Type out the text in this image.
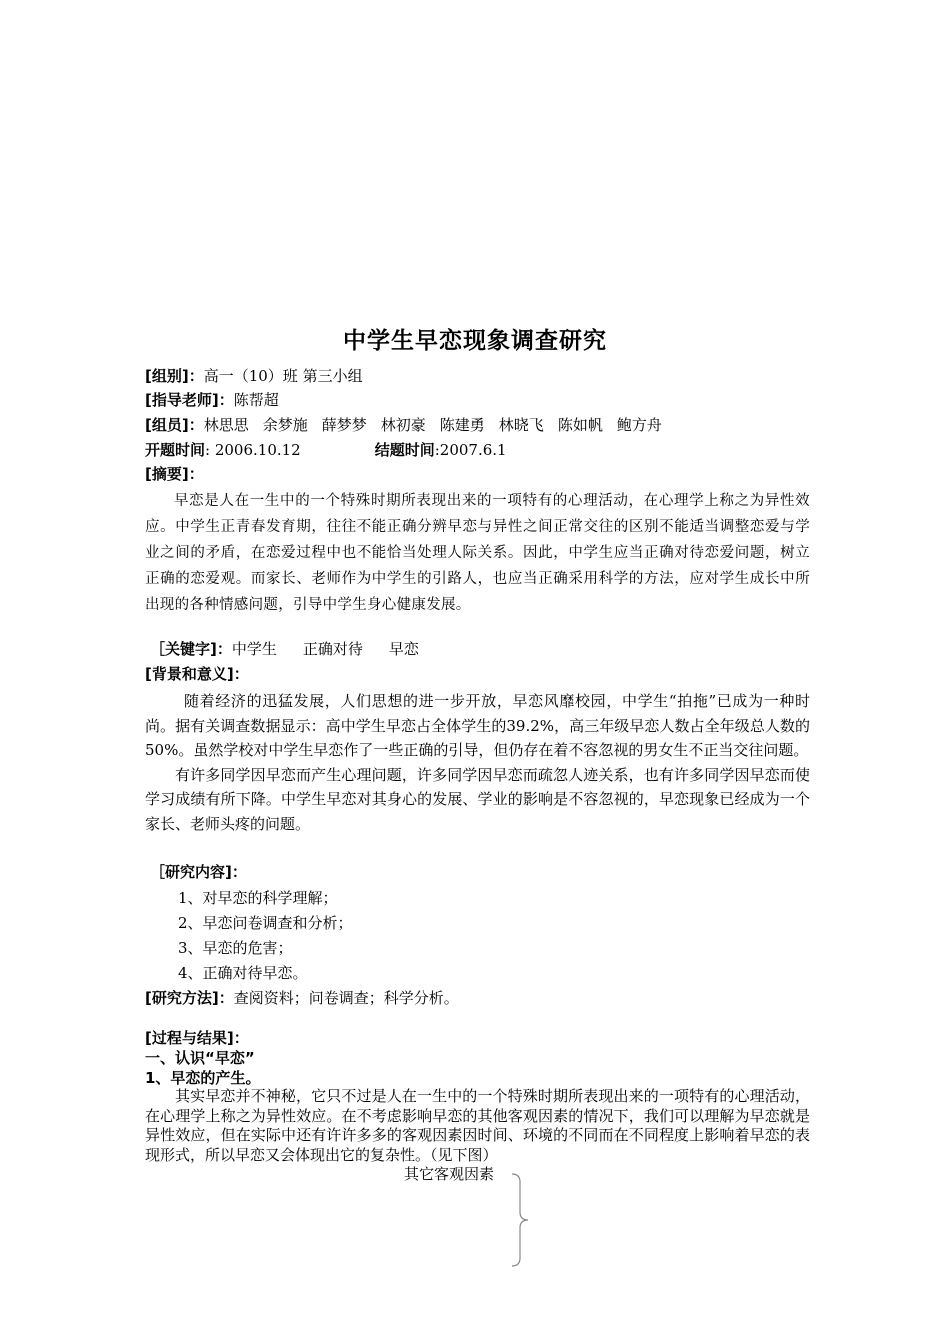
中学生早恋现象调查研究
[组别]：高一（10）班 第三小组
[指导老师]：陈帮超
[组员]：林思思 余梦施 薛梦梦 林初豪 陈建勇 林晓飞 陈如帆 鲍方舟
开题时间: 2006.10.12	结题时间:2007.6.1
[摘要]：

早恋是人在一生中的一个特殊时期所表现出来的一项特有的心理活动，在心理学上称之为异性效应。中学生正青春发育期，往往不能正确分辨早恋与异性之间正常交往的区别不能适当调整恋爱与学业之间的矛盾，在恋爱过程中也不能恰当处理人际关系。因此，中学生应当正确对待恋爱问题，树立正确的恋爱观。而家长、老师作为中学生的引路人，也应当正确采用科学的方法，应对学生成长中所出现的各种情感问题，引导中学生身心健康发展。

［关键字]：中学生 正确对待 早恋
[背景和意义]：

随着经济的迅猛发展，人们思想的进一步开放，早恋风靡校园，中学生“拍拖”已成为一种时尚。据有关调查数据显示：高中学生早恋占全体学生的39.2%，高三年级早恋人数占全年级总人数的50%。虽然学校对中学生早恋作了一些正确的引导，但仍存在着不容忽视的男女生不正当交往问题。

有许多同学因早恋而产生心理问题，许多同学因早恋而疏忽人迹关系，也有许多同学因早恋而使学习成绩有所下降。中学生早恋对其身心的发展、学业的影响是不容忽视的，早恋现象已经成为一个家长、老师头疼的问题。

［研究内容]：
1、对早恋的科学理解；
2、早恋问卷调查和分析；
3、早恋的危害；
4、正确对待早恋。
[研究方法]：查阅资料；问卷调查；科学分析。
[过程与结果]：
一、认识“早恋”
1、早恋的产生。

其实早恋并不神秘，它只不过是人在一生中的一个特殊时期所表现出来的一项特有的心理活动，在心理学上称之为异性效应。在不考虑影响早恋的其他客观因素的情况下，我们可以理解为早恋就是异性效应，但在实际中还有许许多多的客观因素因时间、环境的不同而在不同程度上影响着早恋的表现形式，所以早恋又会体现出它的复杂性。（见下图）

其它客观因素
